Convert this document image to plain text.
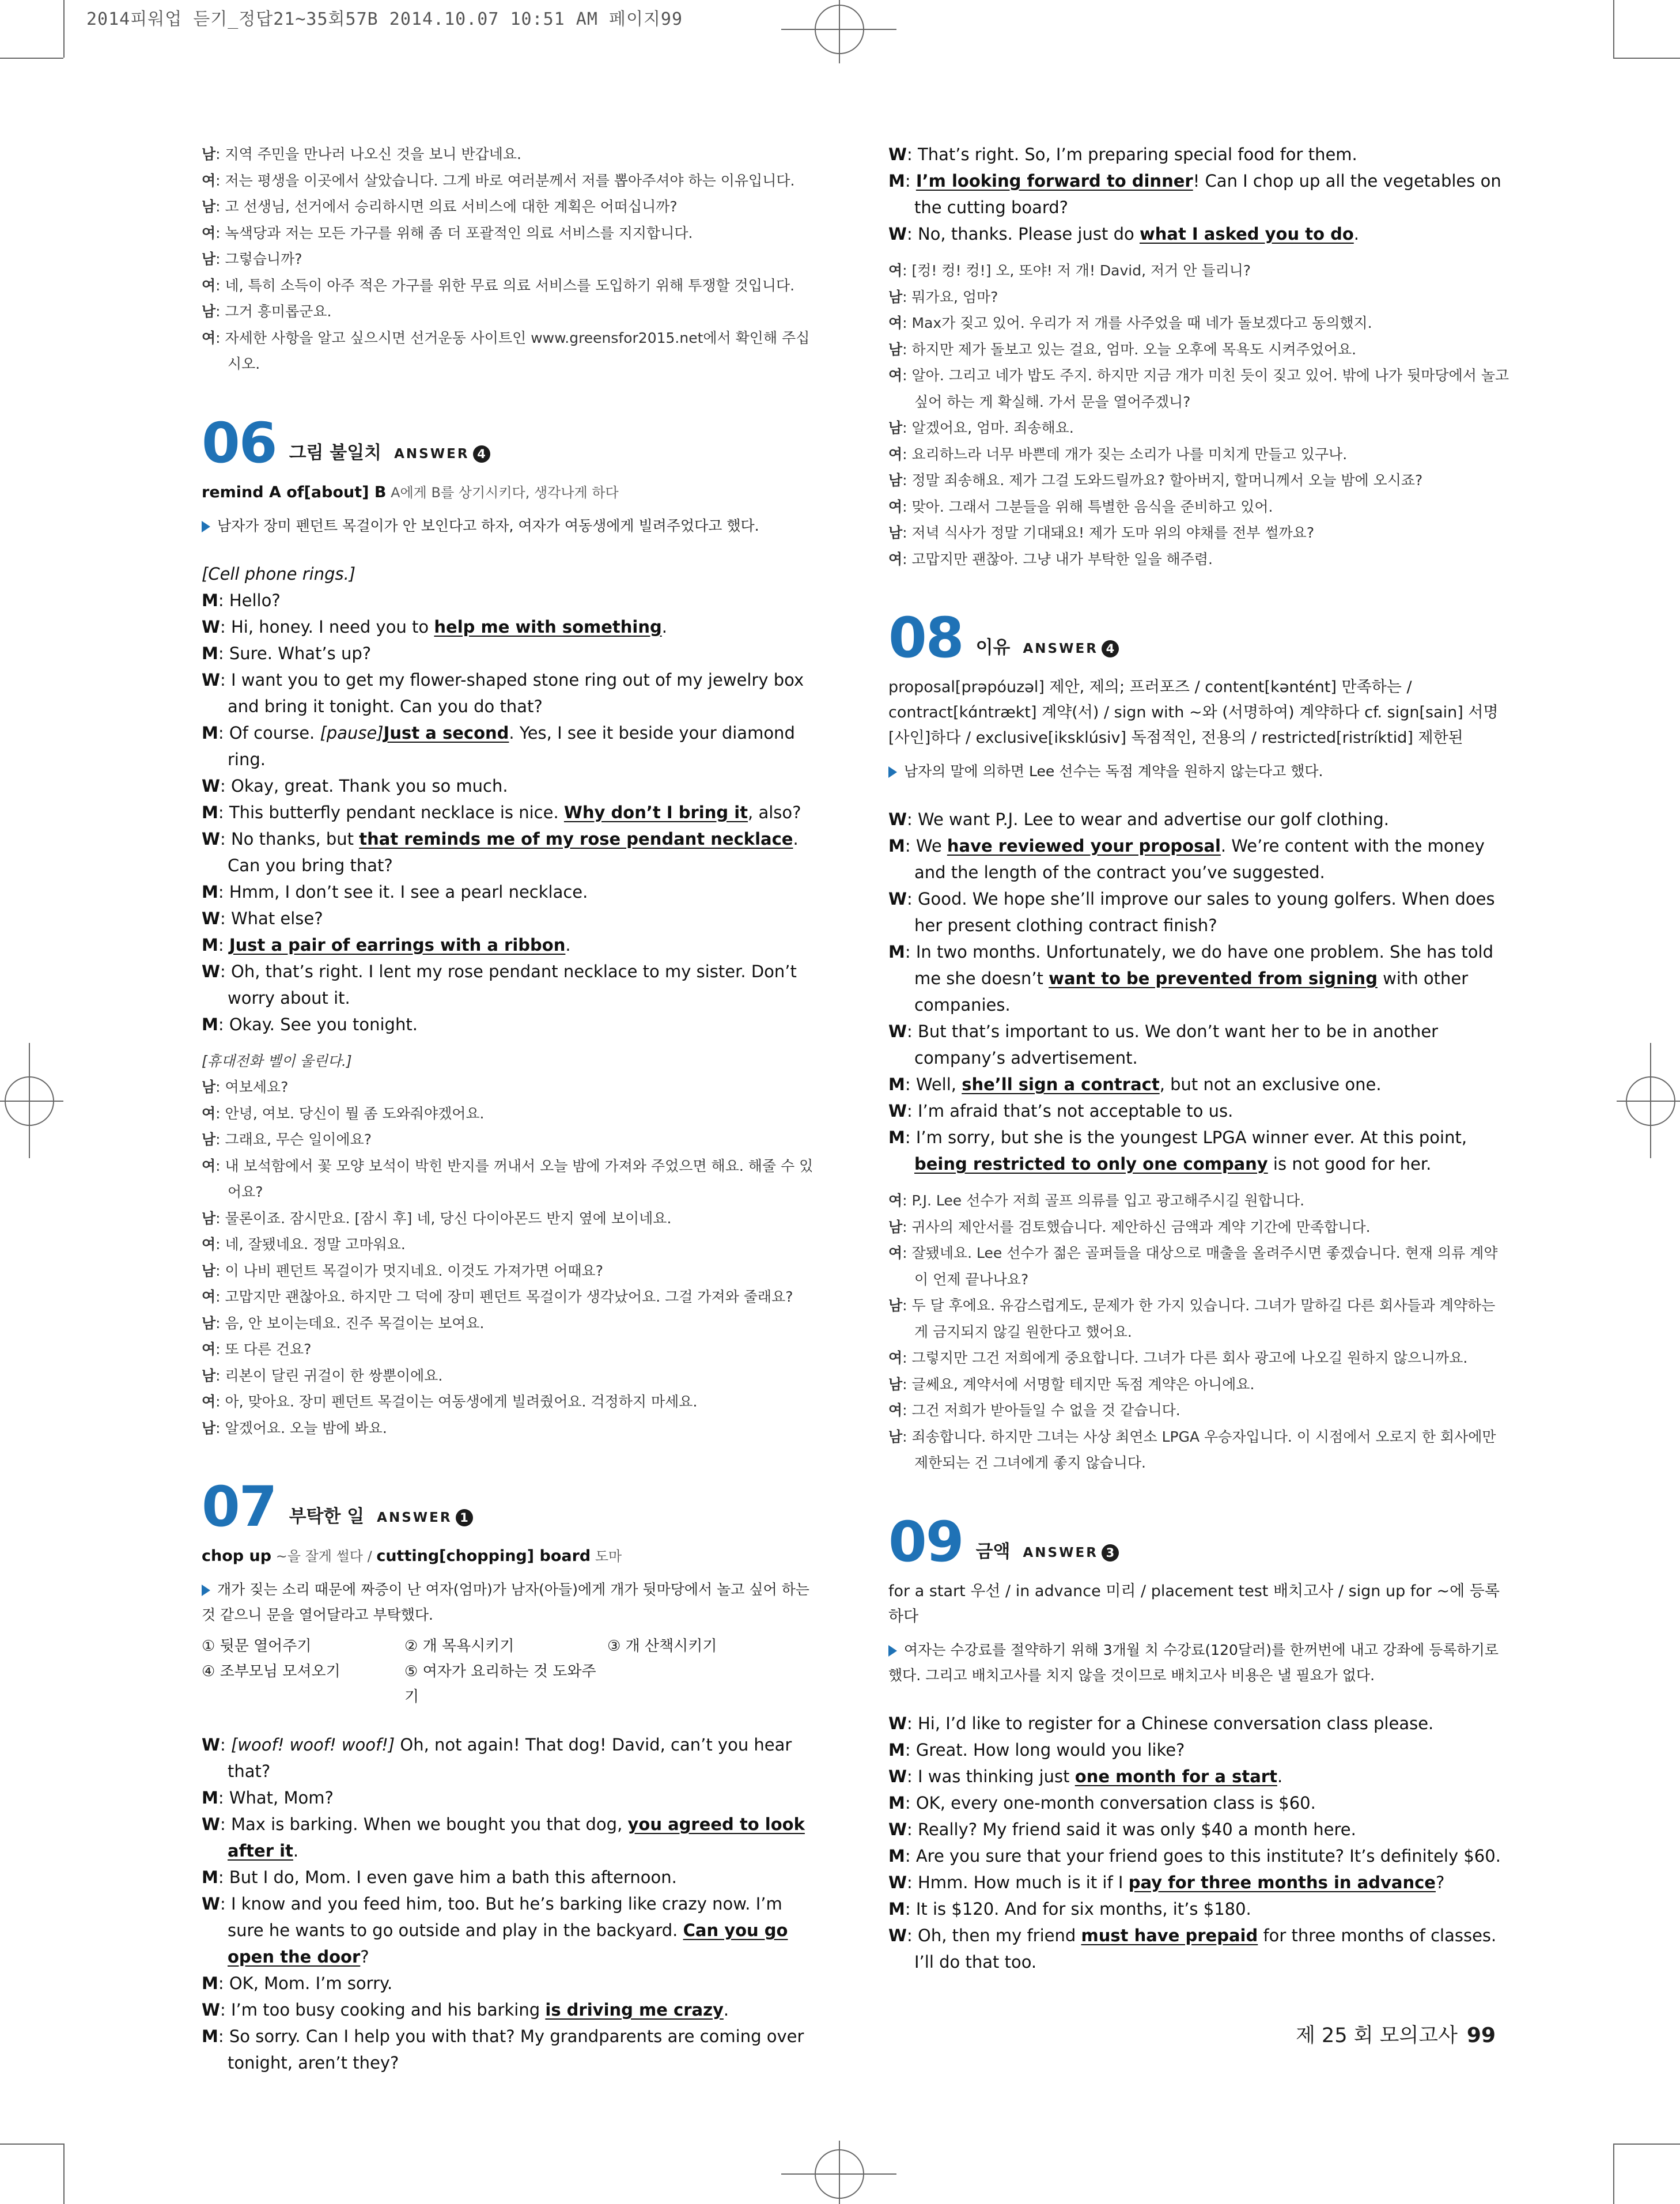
2014피워업 듣기_정답21~35회57B 2014.10.07 10:51 AM 페이지99
남: 지역 주민을 만나러 나오신 것을 보니 반갑네요.
여: 저는 평생을 이곳에서 살았습니다. 그게 바로 여러분께서 저를 뽑아주셔야 하는 이유입니다.
남: 고 선생님, 선거에서 승리하시면 의료 서비스에 대한 계획은 어떠십니까?
여: 녹색당과 저는 모든 가구를 위해 좀 더 포괄적인 의료 서비스를 지지합니다.
남: 그렇습니까?
여: 네, 특히 소득이 아주 적은 가구를 위한 무료 의료 서비스를 도입하기 위해 투쟁할 것입니다.
남: 그거 흥미롭군요.
여: 자세한 사항을 알고 싶으시면 선거운동 사이트인 www.greensfor2015.net에서 확인해 주십시오.
06 그림 불일치 ANSWER 4
remind A of[about] B A에게 B를 상기시키다, 생각나게 하다
남자가 장미 펜던트 목걸이가 안 보인다고 하자, 여자가 여동생에게 빌려주었다고 했다.
[Cell phone rings.]
M: Hello?
W: Hi, honey. I need you to help me with something.
M: Sure. What’s up?
W: I want you to get my flower-shaped stone ring out of my jewelry box and bring it tonight. Can you do that?
M: Of course. [pause]Just a second. Yes, I see it beside your diamond ring.
W: Okay, great. Thank you so much.
M: This butterfly pendant necklace is nice. Why don’t I bring it, also?
W: No thanks, but that reminds me of my rose pendant necklace. Can you bring that?
M: Hmm, I don’t see it. I see a pearl necklace.
W: What else?
M: Just a pair of earrings with a ribbon.
W: Oh, that’s right. I lent my rose pendant necklace to my sister. Don’t worry about it.
M: Okay. See you tonight.
[휴대전화 벨이 울린다.]
남: 여보세요?
여: 안녕, 여보. 당신이 뭘 좀 도와줘야겠어요.
남: 그래요, 무슨 일이에요?
여: 내 보석함에서 꽃 모양 보석이 박힌 반지를 꺼내서 오늘 밤에 가져와 주었으면 해요. 해줄 수 있어요?
남: 물론이죠. 잠시만요. [잠시 후] 네, 당신 다이아몬드 반지 옆에 보이네요.
여: 네, 잘됐네요. 정말 고마워요.
남: 이 나비 펜던트 목걸이가 멋지네요. 이것도 가져가면 어때요?
여: 고맙지만 괜찮아요. 하지만 그 덕에 장미 펜던트 목걸이가 생각났어요. 그걸 가져와 줄래요?
남: 음, 안 보이는데요. 진주 목걸이는 보여요.
여: 또 다른 건요?
남: 리본이 달린 귀걸이 한 쌍뿐이에요.
여: 아, 맞아요. 장미 펜던트 목걸이는 여동생에게 빌려줬어요. 걱정하지 마세요.
남: 알겠어요. 오늘 밤에 봐요.
07 부탁한 일 ANSWER 1
chop up ~을 잘게 썰다 / cutting[chopping] board 도마
개가 짖는 소리 때문에 짜증이 난 여자(엄마)가 남자(아들)에게 개가 뒷마당에서 놀고 싶어 하는 것 같으니 문을 열어달라고 부탁했다.
① 뒷문 열어주기	② 개 목욕시키기	③ 개 산책시키기
④ 조부모님 모셔오기	⑤ 여자가 요리하는 것 도와주기
W: [woof! woof! woof!] Oh, not again! That dog! David, can’t you hear that?
M: What, Mom?
W: Max is barking. When we bought you that dog, you agreed to look after it.
M: But I do, Mom. I even gave him a bath this afternoon.
W: I know and you feed him, too. But he’s barking like crazy now. I’m sure he wants to go outside and play in the backyard. Can you go open the door?
M: OK, Mom. I’m sorry.
W: I’m too busy cooking and his barking is driving me crazy.
M: So sorry. Can I help you with that? My grandparents are coming over tonight, aren’t they?
W: That’s right. So, I’m preparing special food for them.
M: I’m looking forward to dinner! Can I chop up all the vegetables on the cutting board?
W: No, thanks. Please just do what I asked you to do.
여: [컹! 컹! 컹!] 오, 또야! 저 개! David, 저거 안 들리니?
남: 뭐가요, 엄마?
여: Max가 짖고 있어. 우리가 저 개를 사주었을 때 네가 돌보겠다고 동의했지.
남: 하지만 제가 돌보고 있는 걸요, 엄마. 오늘 오후에 목욕도 시켜주었어요.
여: 알아. 그리고 네가 밥도 주지. 하지만 지금 개가 미친 듯이 짖고 있어. 밖에 나가 뒷마당에서 놀고 싶어 하는 게 확실해. 가서 문을 열어주겠니?
남: 알겠어요, 엄마. 죄송해요.
여: 요리하느라 너무 바쁜데 개가 짖는 소리가 나를 미치게 만들고 있구나.
남: 정말 죄송해요. 제가 그걸 도와드릴까요? 할아버지, 할머니께서 오늘 밤에 오시죠?
여: 맞아. 그래서 그분들을 위해 특별한 음식을 준비하고 있어.
남: 저녁 식사가 정말 기대돼요! 제가 도마 위의 야채를 전부 썰까요?
여: 고맙지만 괜찮아. 그냥 내가 부탁한 일을 해주렴.
08 이유 ANSWER 4
proposal[prəpóuzəl] 제안, 제의; 프러포즈 / content[kəntént] 만족하는 / contract[kɑ́ntrækt] 계약(서) / sign with ~와 (서명하여) 계약하다 cf. sign[sain] 서명[사인]하다 / exclusive[iksklúsiv] 독점적인, 전용의 / restricted[ristríktid] 제한된
남자의 말에 의하면 Lee 선수는 독점 계약을 원하지 않는다고 했다.
W: We want P.J. Lee to wear and advertise our golf clothing.
M: We have reviewed your proposal. We’re content with the money and the length of the contract you’ve suggested.
W: Good. We hope she’ll improve our sales to young golfers. When does her present clothing contract finish?
M: In two months. Unfortunately, we do have one problem. She has told me she doesn’t want to be prevented from signing with other companies.
W: But that’s important to us. We don’t want her to be in another company’s advertisement.
M: Well, she’ll sign a contract, but not an exclusive one.
W: I’m afraid that’s not acceptable to us.
M: I’m sorry, but she is the youngest LPGA winner ever. At this point, being restricted to only one company is not good for her.
여: P.J. Lee 선수가 저희 골프 의류를 입고 광고해주시길 원합니다.
남: 귀사의 제안서를 검토했습니다. 제안하신 금액과 계약 기간에 만족합니다.
여: 잘됐네요. Lee 선수가 젊은 골퍼들을 대상으로 매출을 올려주시면 좋겠습니다. 현재 의류 계약이 언제 끝나나요?
남: 두 달 후에요. 유감스럽게도, 문제가 한 가지 있습니다. 그녀가 말하길 다른 회사들과 계약하는 게 금지되지 않길 원한다고 했어요.
여: 그렇지만 그건 저희에게 중요합니다. 그녀가 다른 회사 광고에 나오길 원하지 않으니까요.
남: 글쎄요, 계약서에 서명할 테지만 독점 계약은 아니에요.
여: 그건 저희가 받아들일 수 없을 것 같습니다.
남: 죄송합니다. 하지만 그녀는 사상 최연소 LPGA 우승자입니다. 이 시점에서 오로지 한 회사에만 제한되는 건 그녀에게 좋지 않습니다.
09 금액 ANSWER 3
for a start 우선 / in advance 미리 / placement test 배치고사 / sign up for ~에 등록하다
여자는 수강료를 절약하기 위해 3개월 치 수강료(120달러)를 한꺼번에 내고 강좌에 등록하기로 했다. 그리고 배치고사를 치지 않을 것이므로 배치고사 비용은 낼 필요가 없다.
W: Hi, I’d like to register for a Chinese conversation class please.
M: Great. How long would you like?
W: I was thinking just one month for a start.
M: OK, every one-month conversation class is $60.
W: Really? My friend said it was only $40 a month here.
M: Are you sure that your friend goes to this institute? It’s definitely $60.
W: Hmm. How much is it if I pay for three months in advance?
M: It is $120. And for six months, it’s $180.
W: Oh, then my friend must have prepaid for three months of classes. I’ll do that too.
제 25 회 모의고사 99
